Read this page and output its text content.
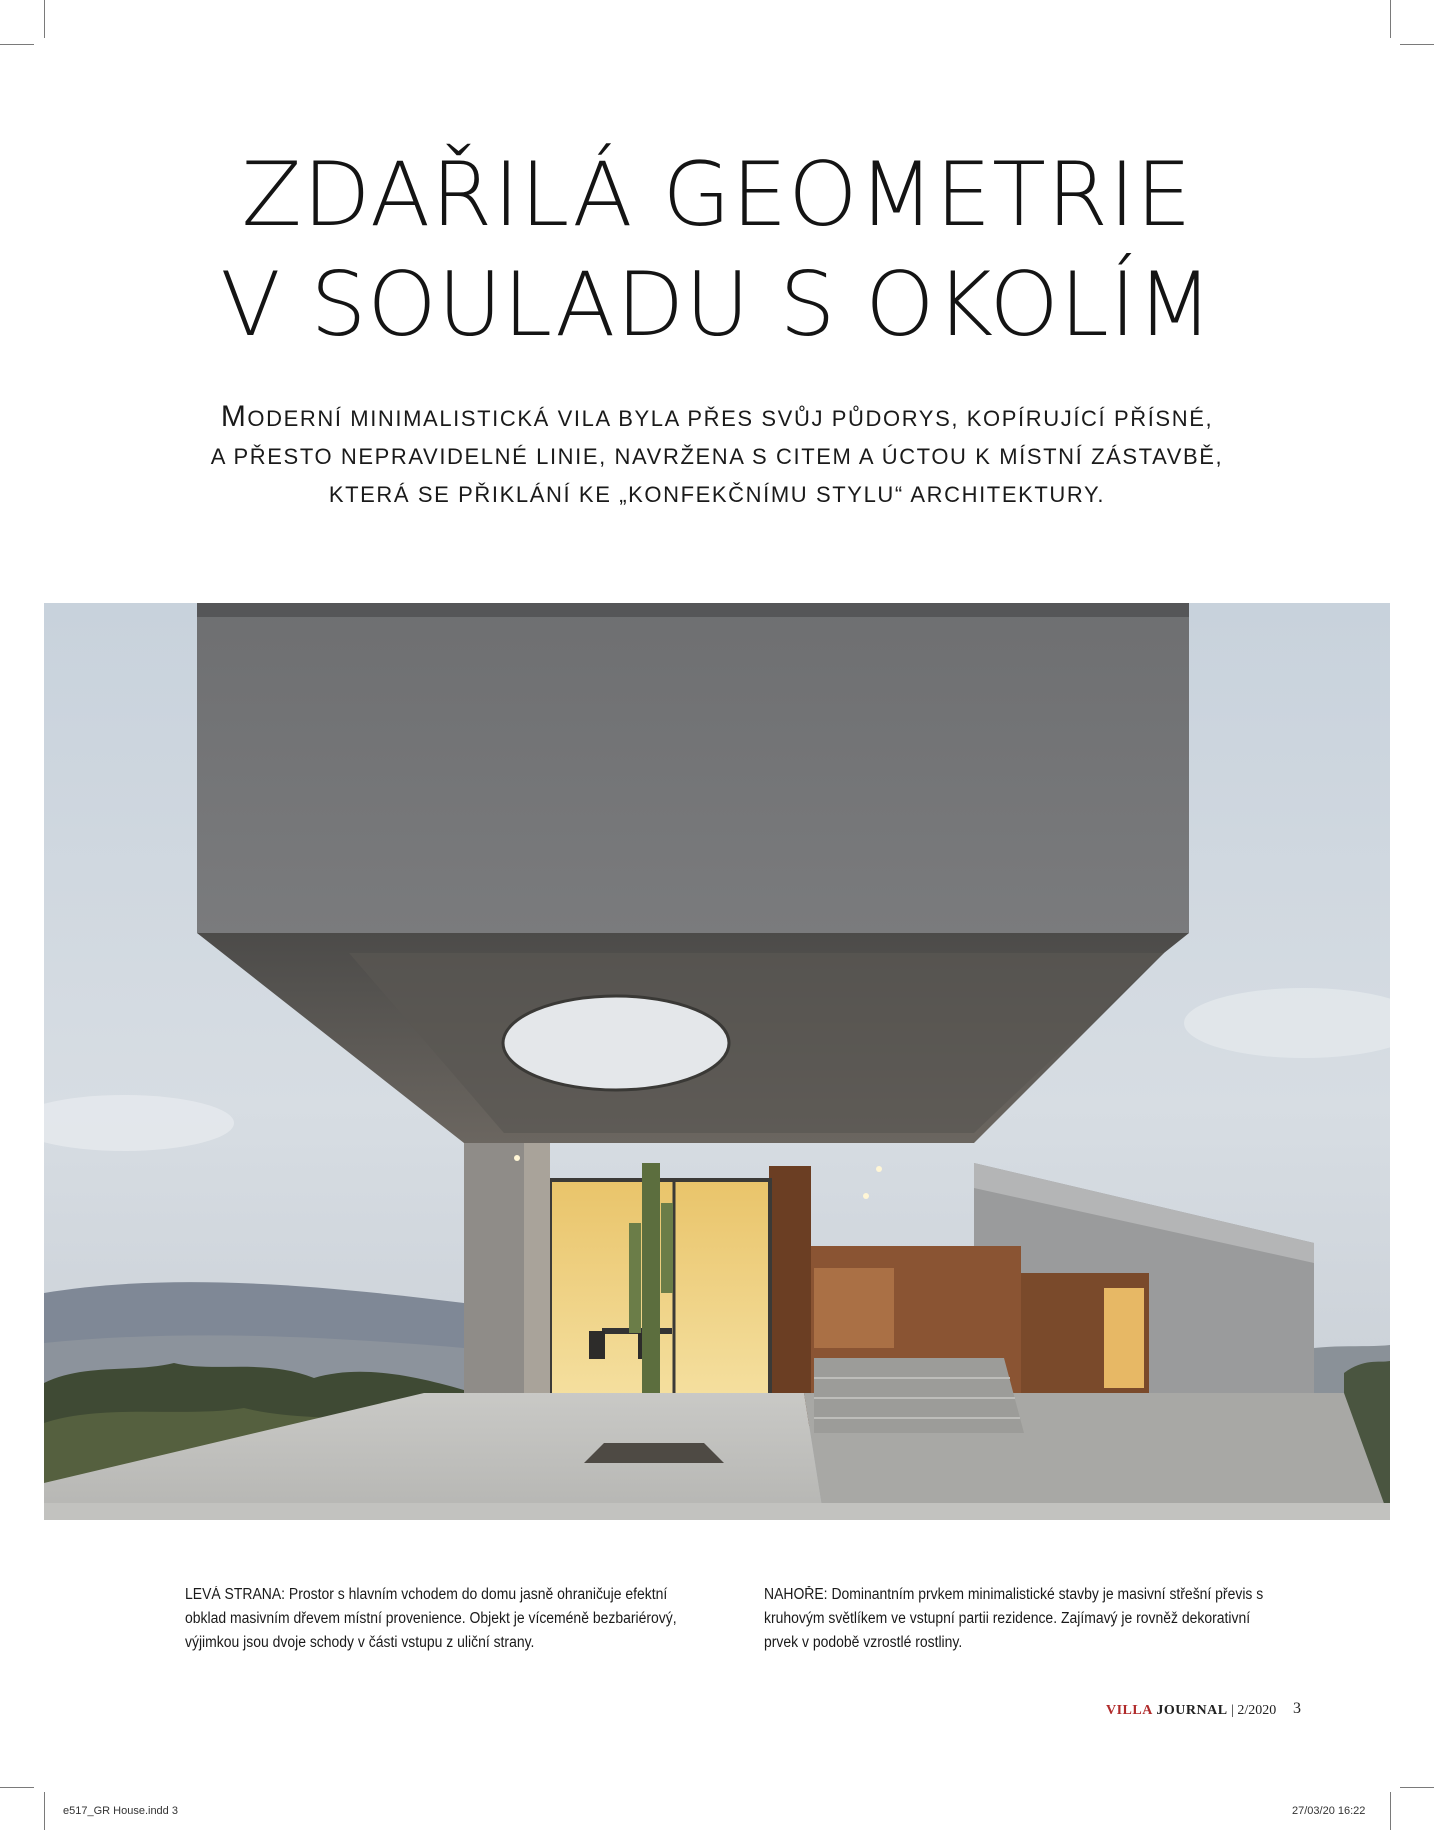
ZDAŘILÁ GEOMETRIE
V SOULADU S OKOLÍM
MODERNÍ MINIMALISTICKÁ VILA BYLA PŘES SVŮJ PŮDORYS, KOPÍRUJÍCÍ PŘÍSNÉ,
A PŘESTO NEPRAVIDELNÉ LINIE, NAVRŽENA S CITEM A ÚCTOU K MÍSTNÍ ZÁSTAVBĚ,
KTERÁ SE PŘIKLÁNÍ KE „KONFEKČNÍMU STYLU“ ARCHITEKTURY.
LEVÁ STRANA: Prostor s hlavním vchodem do domu jasně ohraničuje efektní obklad masivním dřevem místní provenience. Objekt je víceméně bezbariérový, výjimkou jsou dvoje schody v části vstupu z uliční strany.
NAHOŘE: Dominantním prvkem minimalistické stavby je masivní střešní převis s kruhovým světlíkem ve vstupní partii rezidence. Zajímavý je rovněž dekorativní prvek v podobě vzrostlé rostliny.
VILLA JOURNAL | 2/2020 3
e517_GR House.indd 3	27/03/20 16:22
